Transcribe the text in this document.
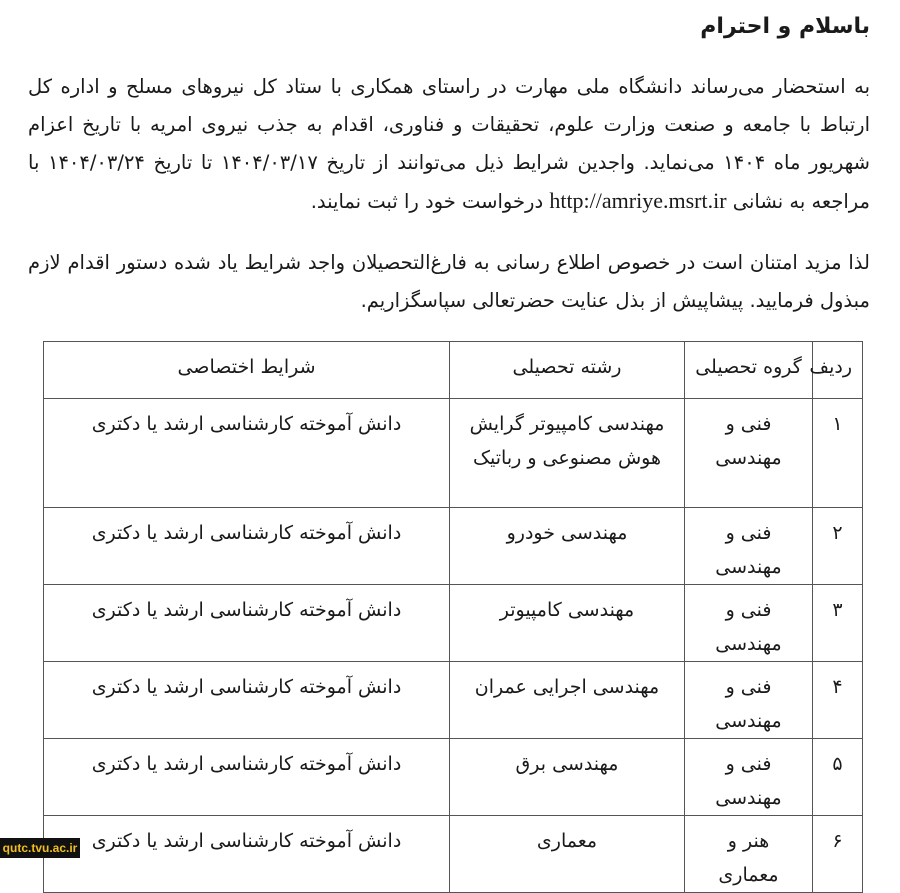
باسلام و احترام
به استحضار می‌رساند دانشگاه ملی مهارت در راستای همکاری با ستاد کل نیروهای مسلح و اداره کل ارتباط با جامعه و صنعت وزارت علوم، تحقیقات و فناوری، اقدام به جذب نیروی امریه با تاریخ اعزام شهریور ماه ۱۴۰۴ می‌نماید. واجدین شرایط ذیل می‌توانند از تاریخ ۱۴۰۴/۰۳/۱۷ تا تاریخ ۱۴۰۴/۰۳/۲۴ با مراجعه به نشانی http://amriye.msrt.ir درخواست خود را ثبت نمایند.
لذا مزید امتنان است در خصوص اطلاع رسانی به فارغ‌التحصیلان واجد شرایط یاد شده دستور اقدام لازم مبذول فرمایید. پیشاپیش از بذل عنایت حضرتعالی سپاسگزاریم.
ردیف	گروه تحصیلی	رشته تحصیلی	شرایط اختصاصی
۱	فنی و مهندسی	مهندسی کامپیوتر گرایش هوش مصنوعی و رباتیک	دانش آموخته کارشناسی ارشد یا دکتری
۲	فنی و مهندسی	مهندسی خودرو	دانش آموخته کارشناسی ارشد یا دکتری
۳	فنی و مهندسی	مهندسی کامپیوتر	دانش آموخته کارشناسی ارشد یا دکتری
۴	فنی و مهندسی	مهندسی اجرایی عمران	دانش آموخته کارشناسی ارشد یا دکتری
۵	فنی و مهندسی	مهندسی برق	دانش آموخته کارشناسی ارشد یا دکتری
۶	هنر و معماری	معماری	دانش آموخته کارشناسی ارشد یا دکتری
qutc.tvu.ac.ir
